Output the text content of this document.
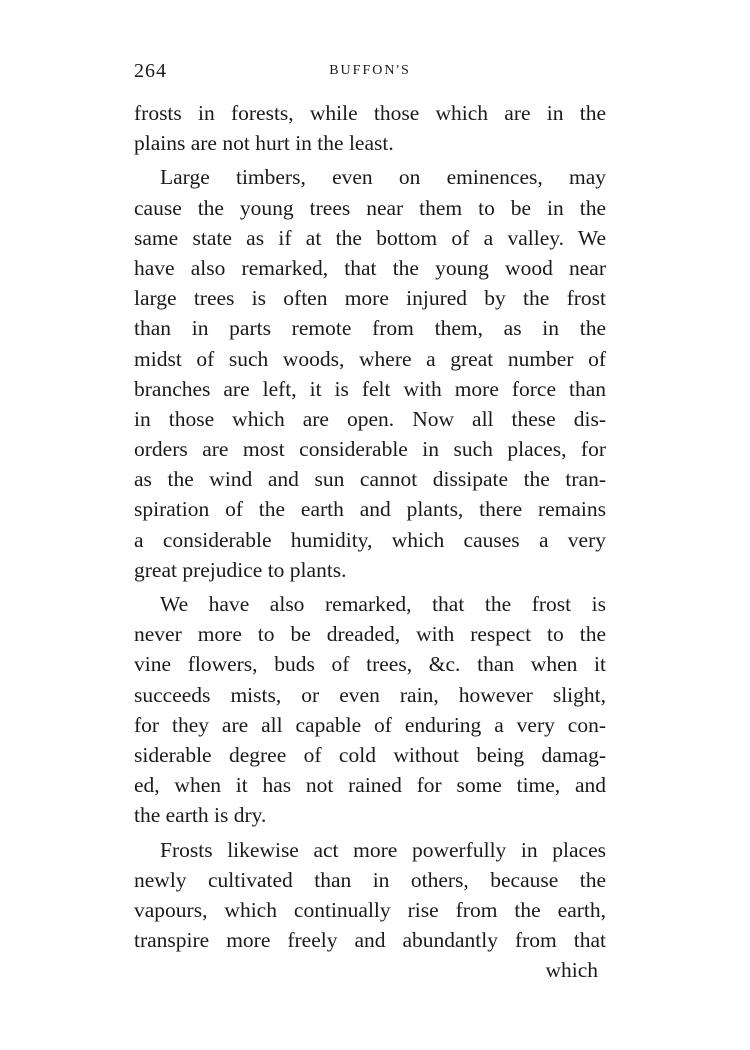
264	BUFFON'S
frosts in forests, while those which are in the
plains are not hurt in the least.
Large timbers, even on eminences, may
cause the young trees near them to be in the
same state as if at the bottom of a valley. We
have also remarked, that the young wood near
large trees is often more injured by the frost
than in parts remote from them, as in the
midst of such woods, where a great number of
branches are left, it is felt with more force than
in those which are open. Now all these dis-
orders are most considerable in such places, for
as the wind and sun cannot dissipate the tran-
spiration of the earth and plants, there remains
a considerable humidity, which causes a very
great prejudice to plants.
We have also remarked, that the frost is
never more to be dreaded, with respect to the
vine flowers, buds of trees, &c. than when it
succeeds mists, or even rain, however slight,
for they are all capable of enduring a very con-
siderable degree of cold without being damag-
ed, when it has not rained for some time, and
the earth is dry.
Frosts likewise act more powerfully in places
newly cultivated than in others, because the
vapours, which continually rise from the earth,
transpire more freely and abundantly from that
which
